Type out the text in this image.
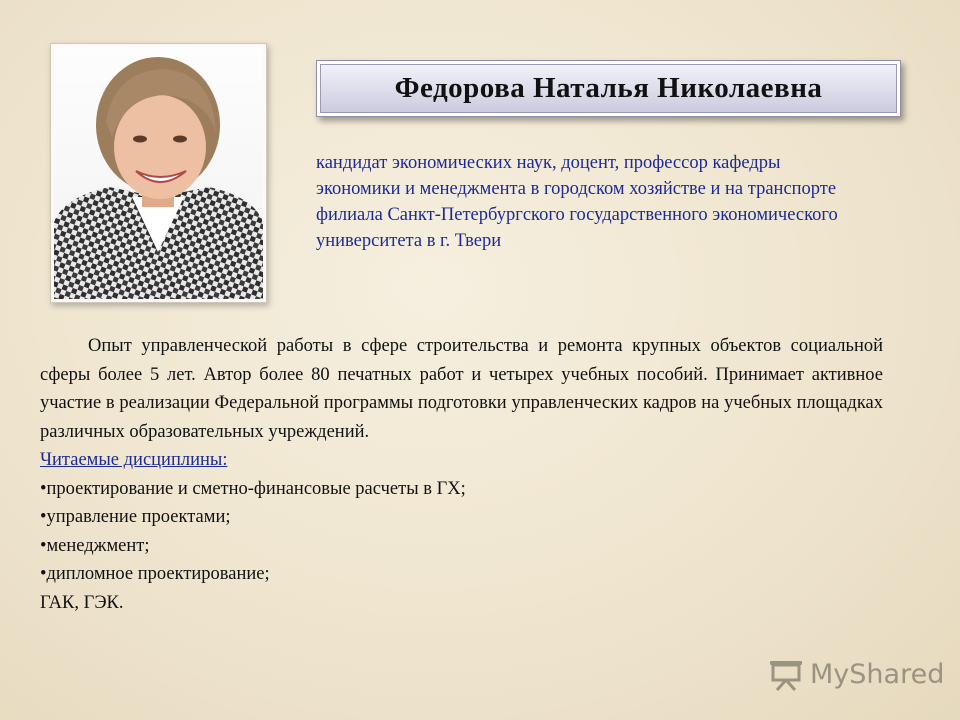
Федорова Наталья Николаевна
кандидат экономических наук, доцент, профессор кафедры экономики и менеджмента в городском хозяйстве и на транспорте филиала Санкт-Петербургского государственного экономического университета в г. Твери
Опыт управленческой работы в сфере строительства и ремонта крупных объектов социальной сферы более 5 лет. Автор более 80 печатных работ и четырех учебных пособий. Принимает активное участие в реализации Федеральной программы подготовки управленческих кадров на учебных площадках различных образовательных учреждений.
Читаемые дисциплины:
•проектирование и сметно-финансовые расчеты в ГХ;
•управление проектами;
•менеджмент;
•дипломное проектирование;
ГАК, ГЭК.
MyShared
